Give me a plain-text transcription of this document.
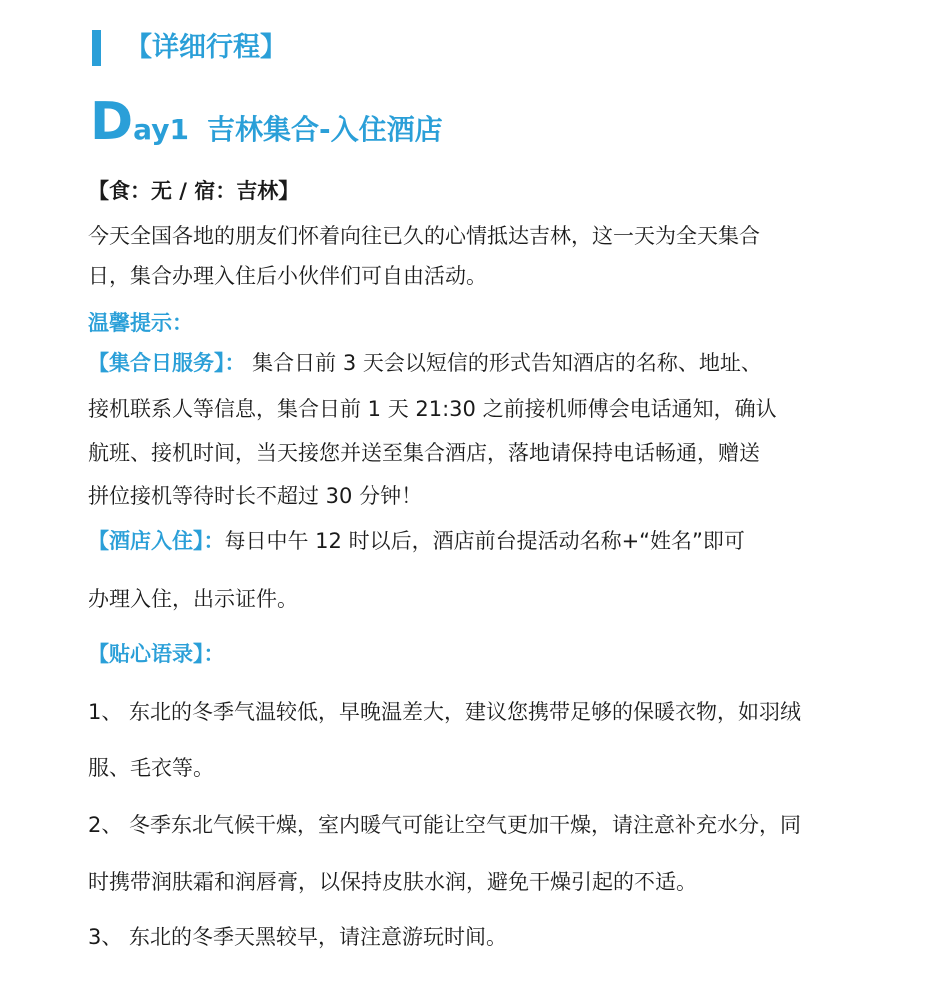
【详细行程】
Day1 吉林集合-入住酒店
【食：无 / 宿：吉林】
今天全国各地的朋友们怀着向往已久的心情抵达吉林，这一天为全天集合
日，集合办理入住后小伙伴们可自由活动。
温馨提示：
【集合日服务】： 集合日前 3 天会以短信的形式告知酒店的名称、地址、
接机联系人等信息，集合日前 1 天 21:30 之前接机师傅会电话通知，确认
航班、接机时间，当天接您并送至集合酒店，落地请保持电话畅通，赠送
拼位接机等待时长不超过 30 分钟！
【酒店入住】：每日中午 12 时以后，酒店前台提活动名称+“姓名”即可
办理入住，出示证件。
【贴心语录】：
1、 东北的冬季气温较低，早晚温差大，建议您携带足够的保暖衣物，如羽绒
服、毛衣等。
2、 冬季东北气候干燥，室内暖气可能让空气更加干燥，请注意补充水分，同
时携带润肤霜和润唇膏，以保持皮肤水润，避免干燥引起的不适。
3、 东北的冬季天黑较早，请注意游玩时间。
